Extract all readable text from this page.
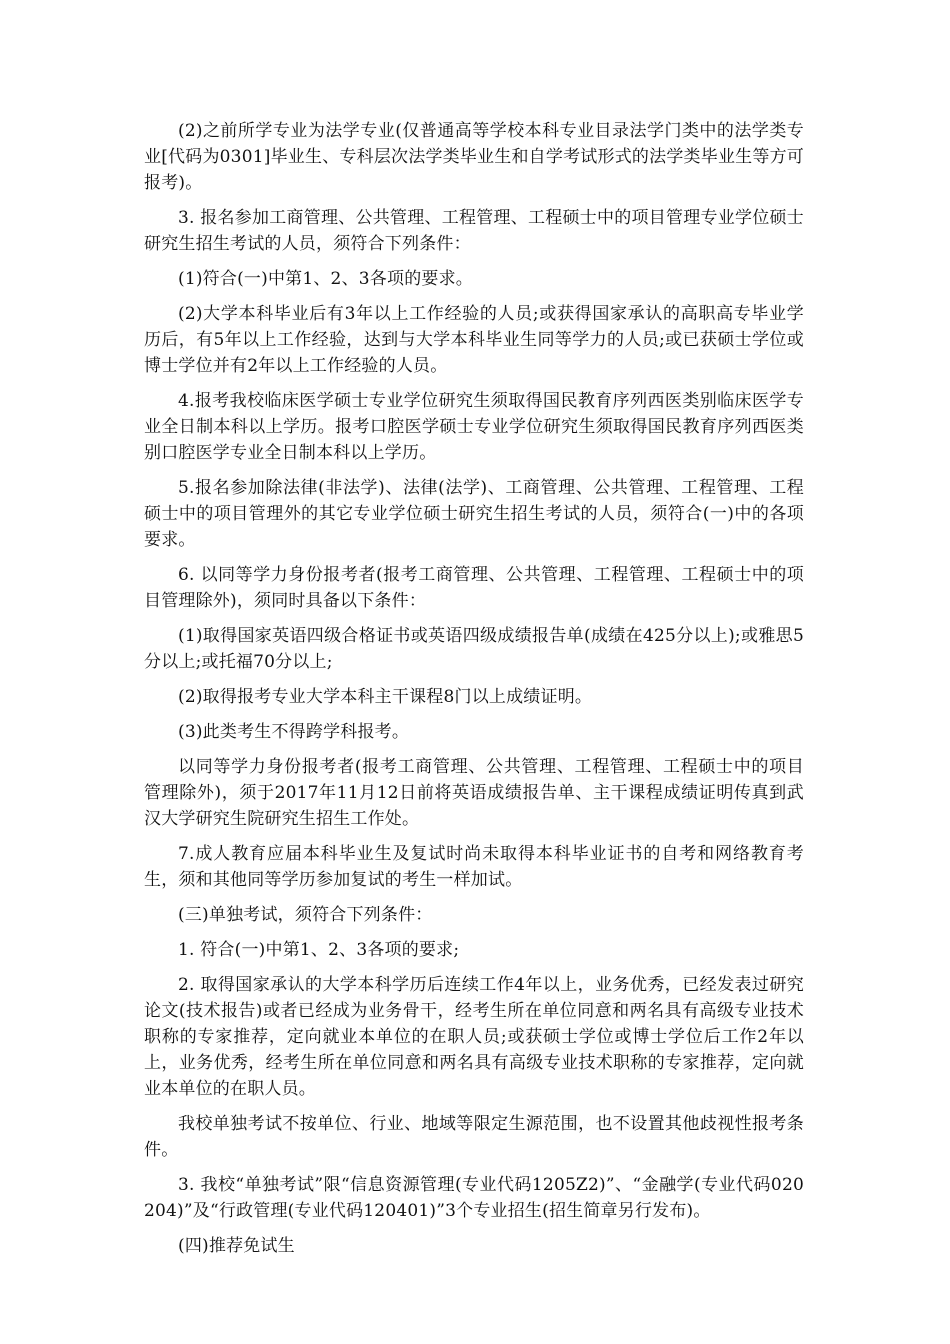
(2)之前所学专业为法学专业(仅普通高等学校本科专业目录法学门类中的法学类专业[代码为0301]毕业生、专科层次法学类毕业生和自学考试形式的法学类毕业生等方可报考)。

3. 报名参加工商管理、公共管理、工程管理、工程硕士中的项目管理专业学位硕士研究生招生考试的人员，须符合下列条件：

(1)符合(一)中第1、2、3各项的要求。

(2)大学本科毕业后有3年以上工作经验的人员;或获得国家承认的高职高专毕业学历后，有5年以上工作经验，达到与大学本科毕业生同等学力的人员;或已获硕士学位或博士学位并有2年以上工作经验的人员。

4.报考我校临床医学硕士专业学位研究生须取得国民教育序列西医类别临床医学专业全日制本科以上学历。报考口腔医学硕士专业学位研究生须取得国民教育序列西医类别口腔医学专业全日制本科以上学历。

5.报名参加除法律(非法学)、法律(法学)、工商管理、公共管理、工程管理、工程硕士中的项目管理外的其它专业学位硕士研究生招生考试的人员，须符合(一)中的各项要求。

6. 以同等学力身份报考者(报考工商管理、公共管理、工程管理、工程硕士中的项目管理除外)，须同时具备以下条件：

(1)取得国家英语四级合格证书或英语四级成绩报告单(成绩在425分以上);或雅思5分以上;或托福70分以上;

(2)取得报考专业大学本科主干课程8门以上成绩证明。

(3)此类考生不得跨学科报考。

以同等学力身份报考者(报考工商管理、公共管理、工程管理、工程硕士中的项目管理除外)，须于2017年11月12日前将英语成绩报告单、主干课程成绩证明传真到武汉大学研究生院研究生招生工作处。

7.成人教育应届本科毕业生及复试时尚未取得本科毕业证书的自考和网络教育考生，须和其他同等学历参加复试的考生一样加试。

(三)单独考试，须符合下列条件：

1. 符合(一)中第1、2、3各项的要求;

2. 取得国家承认的大学本科学历后连续工作4年以上，业务优秀，已经发表过研究论文(技术报告)或者已经成为业务骨干，经考生所在单位同意和两名具有高级专业技术职称的专家推荐，定向就业本单位的在职人员;或获硕士学位或博士学位后工作2年以上，业务优秀，经考生所在单位同意和两名具有高级专业技术职称的专家推荐，定向就业本单位的在职人员。

我校单独考试不按单位、行业、地域等限定生源范围，也不设置其他歧视性报考条件。

3. 我校“单独考试”限“信息资源管理(专业代码1205Z2)”、“金融学(专业代码020204)”及“行政管理(专业代码120401)”3个专业招生(招生简章另行发布)。

(四)推荐免试生
